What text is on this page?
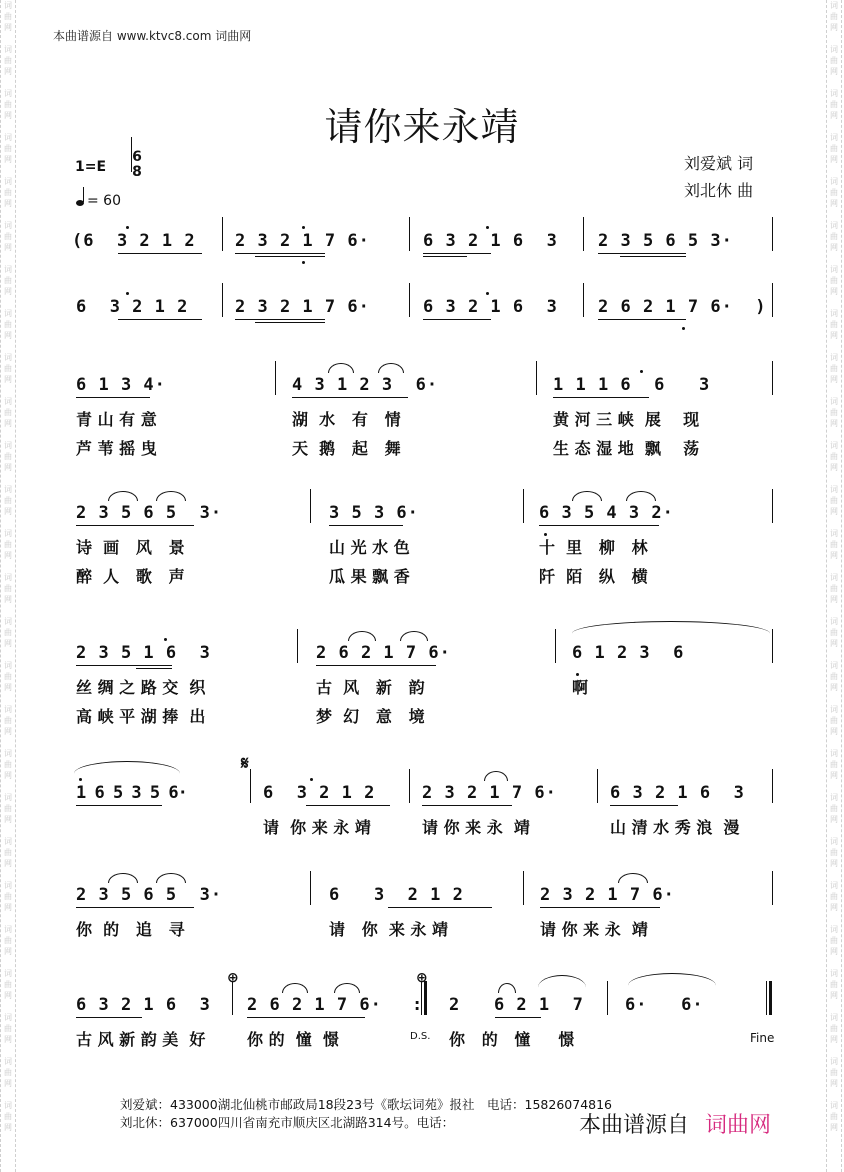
词
曲
网

词
曲
网

词
曲
网

词
曲
网

词
曲
网

词
曲
网

词
曲
网

词
曲
网

词
曲
网

词
曲
网

词
曲
网

词
曲
网

词
曲
网

词
曲
网

词
曲
网

词
曲
网

词
曲
网

词
曲
网

词
曲
网

词
曲
网

词
曲
网

词
曲
网

词
曲
网

词
曲
网

词
曲
网

词
曲
网
词
曲
网

词
曲
网

词
曲
网

词
曲
网

词
曲
网

词
曲
网

词
曲
网

词
曲
网

词
曲
网

词
曲
网

词
曲
网

词
曲
网

词
曲
网

词
曲
网

词
曲
网

词
曲
网

词
曲
网

词
曲
网

词
曲
网

词
曲
网

词
曲
网

词
曲
网

词
曲
网

词
曲
网

词
曲
网

词
曲
网
本曲谱源自 www.ktvc8.com 词曲网
请你来永靖
1=E
6
8
= 60
刘爱斌 词
刘北休 曲
(6  3 2 1 2 2 3 2 1 7 6·	6 3 2 1 6  3 2 3 5 6 5 3·
6  3 2 1 2	2 3 2 1 7 6·	6 3 2 1 6  3 2 6 2 1 7 6·  )
6 1 3 4·	4 3 1 2 3  6·	1 1 1 6  6   3
青 山 有 意	湖  水   有   情	黄 河 三 峡  展    现
芦 苇 摇 曳	天  鹅   起   舞	生 态 湿 地  飘    荡
2 3 5 6 5  3·	3 5 3 6·	6 3 5 4 3 2·
诗  画   风   景	山 光 水 色	十  里   柳   林
醉  人   歌   声	瓜 果 飘 香	阡  陌   纵   横
2 3 5 1 6  3	2 6 2 1 7 6·	6 1 2 3  6
丝 绸 之 路 交  织	古  风   新   韵	啊
高 峡 平 湖 捧  出	梦  幻   意   境
1 6 5 3 5 6·
𝄋
6  3 2 1 2	2 3 2 1 7 6·	6 3 2 1 6  3
请  你 来 永 靖	请 你 来 永  靖	山 清 水 秀 浪  漫
2 3 5 6 5  3·	6   3  2 1 2	2 3 2 1 7 6·
你  的   追   寻	请   你  来 永 靖	请 你 来 永  靖
6 3 2 1 6  3
⊕
2 6 2 1 7 6·
⊕
: 2   6 2 1  7 6·   6·
古 风 新 韵 美  好	你 的  憧  憬	你   的   憧     憬
D.S.	Fine
刘爱斌：433000湖北仙桃市邮政局18段23号《歌坛词苑》报社　电话：15826074816
刘北休：637000四川省南充市顺庆区北湖路314号。电话：	本曲谱源自 词曲网
